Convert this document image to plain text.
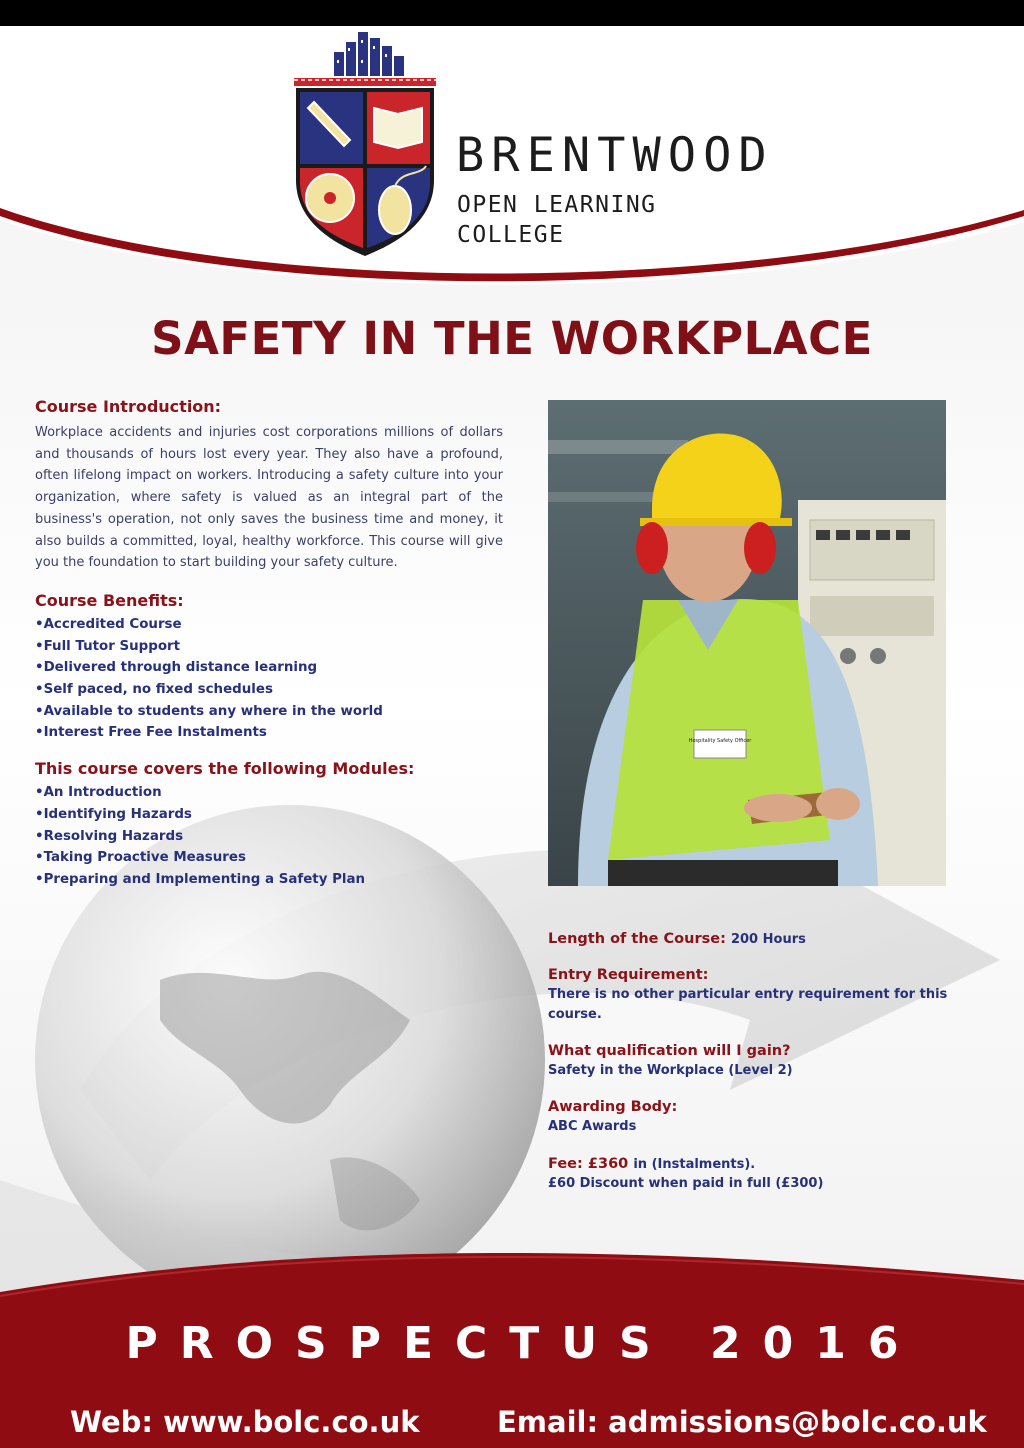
BRENTWOOD
OPEN LEARNING COLLEGE
SAFETY IN THE WORKPLACE
Course Introduction:

Workplace accidents and injuries cost corporations millions of dollars and thousands of hours lost every year. They also have a profound, often lifelong impact on workers. Introducing a safety culture into your organization, where safety is valued as an integral part of the business's operation, not only saves the business time and money, it also builds a committed, loyal, healthy workforce. This course will give you the foundation to start building your safety culture.

Course Benefits:
• Accredited Course
• Full Tutor Support
• Delivered through distance learning
• Self paced, no fixed schedules
• Available to students any where in the world
• Interest Free Fee Instalments
This course covers the following Modules:
• An Introduction
• Identifying Hazards
• Resolving Hazards
• Taking Proactive Measures
• Preparing and Implementing a Safety Plan
Hospitality Safety Officer
Length of the Course: 200 Hours
Entry Requirement:
There is no other particular entry requirement for this course.
What qualification will I gain?
Safety in the Workplace (Level 2)
Awarding Body:
ABC Awards
Fee: £360 in (Instalments).
£60 Discount when paid in full (£300)
PROSPECTUS 2016
Web: www.bolc.co.uk	Email: admissions@bolc.co.uk
